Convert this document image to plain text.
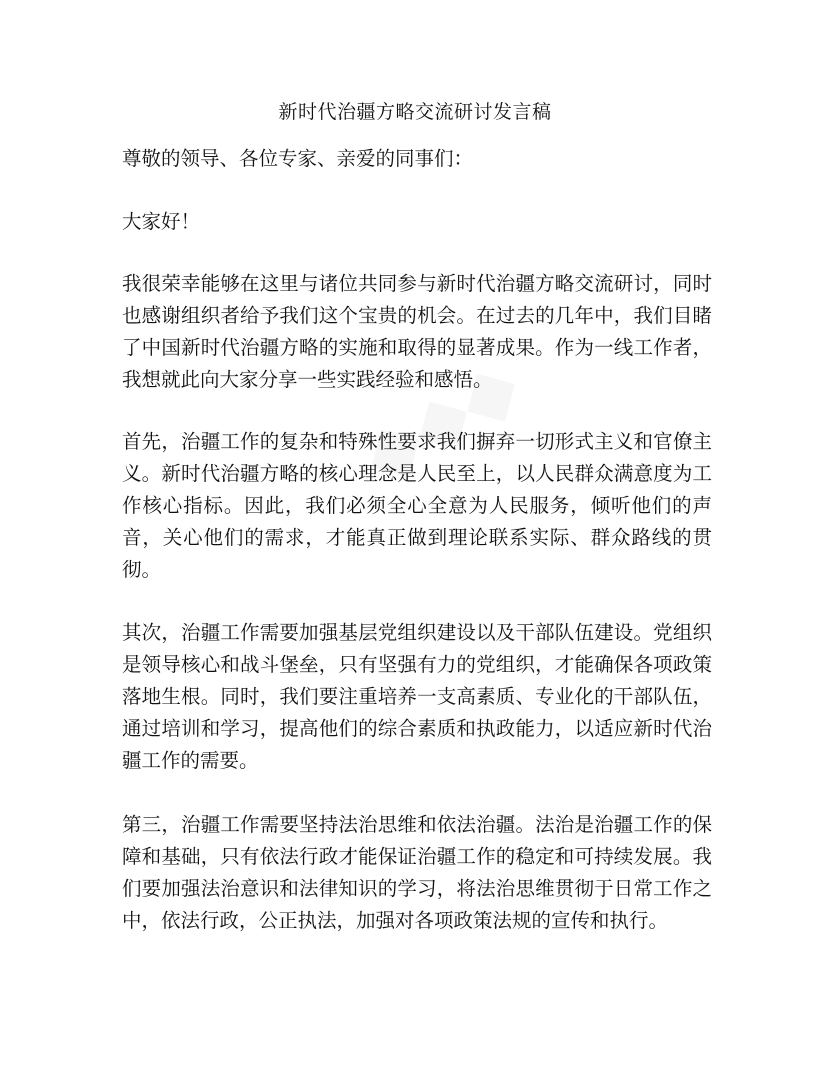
新时代治疆方略交流研讨发言稿

尊敬的领导、各位专家、亲爱的同事们：

大家好！

我很荣幸能够在这里与诸位共同参与新时代治疆方略交流研讨，同时也感谢组织者给予我们这个宝贵的机会。在过去的几年中，我们目睹了中国新时代治疆方略的实施和取得的显著成果。作为一线工作者，我想就此向大家分享一些实践经验和感悟。

首先，治疆工作的复杂和特殊性要求我们摒弃一切形式主义和官僚主义。新时代治疆方略的核心理念是人民至上，以人民群众满意度为工作核心指标。因此，我们必须全心全意为人民服务，倾听他们的声音，关心他们的需求，才能真正做到理论联系实际、群众路线的贯彻。

其次，治疆工作需要加强基层党组织建设以及干部队伍建设。党组织是领导核心和战斗堡垒，只有坚强有力的党组织，才能确保各项政策落地生根。同时，我们要注重培养一支高素质、专业化的干部队伍，通过培训和学习，提高他们的综合素质和执政能力，以适应新时代治疆工作的需要。

第三，治疆工作需要坚持法治思维和依法治疆。法治是治疆工作的保障和基础，只有依法行政才能保证治疆工作的稳定和可持续发展。我们要加强法治意识和法律知识的学习，将法治思维贯彻于日常工作之中，依法行政，公正执法，加强对各项政策法规的宣传和执行。
